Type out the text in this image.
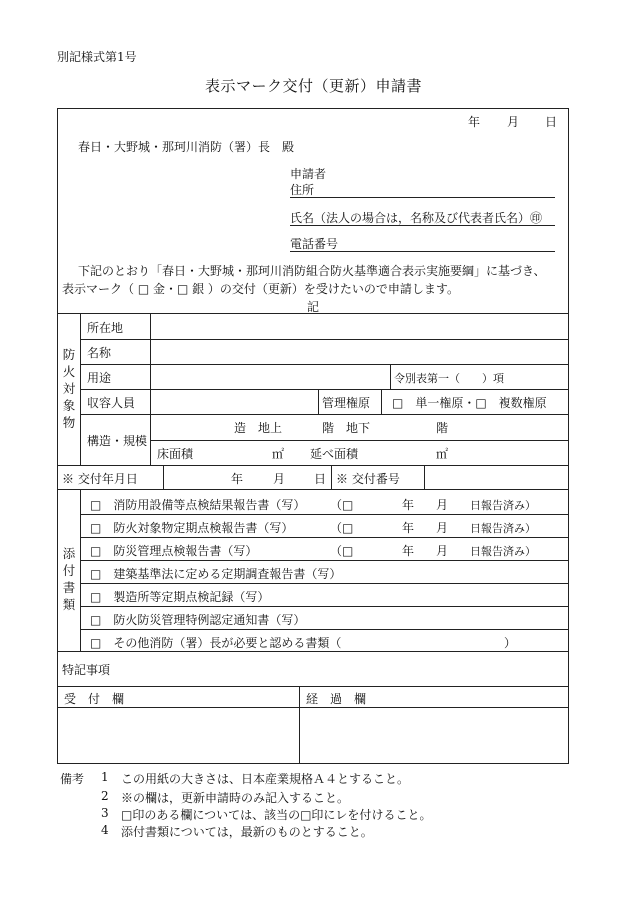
別記様式第1号
表示マーク交付（更新）申請書
年 月 日
春日・大野城・那珂川消防（署）長　殿
申請者
住所
氏名（法人の場合は，名称及び代表者氏名）㊞
電話番号
下記のとおり「春日・大野城・那珂川消防組合防火基準適合表示実施要綱」に基づき、
表示マーク（ □ 金・□ 銀 ）の交付（更新）を受けたいので申請します。
記
防火対象物
所在地
名称
用途	令別表第一（　　）項
収容人員	管理権原 □　単一権原・□　複数権原
構造・規模
造 地上	階 地下	階
床面積	㎡ 延べ面積	㎡
※ 交付年月日	年 月 日 ※ 交付番号
添付書類
□　消防用設備等点検結果報告書（写） （□	年 月 日報告済み）
□　防火対象物定期点検報告書（写）	（□	年 月 日報告済み）
□　防災管理点検報告書（写）	（□	年 月 日報告済み）
□　建築基準法に定める定期調査報告書（写）
□　製造所等定期点検記録（写）
□　防火防災管理特例認定通知書（写）
□　その他消防（署）長が必要と認める書類（	）
特記事項
受　付　欄	経　過　欄
備考 1 この用紙の大きさは、日本産業規格Ａ４とすること。
2 ※の欄は，更新申請時のみ記入すること。
3 □印のある欄については、該当の□印にレを付けること。
4 添付書類については，最新のものとすること。
